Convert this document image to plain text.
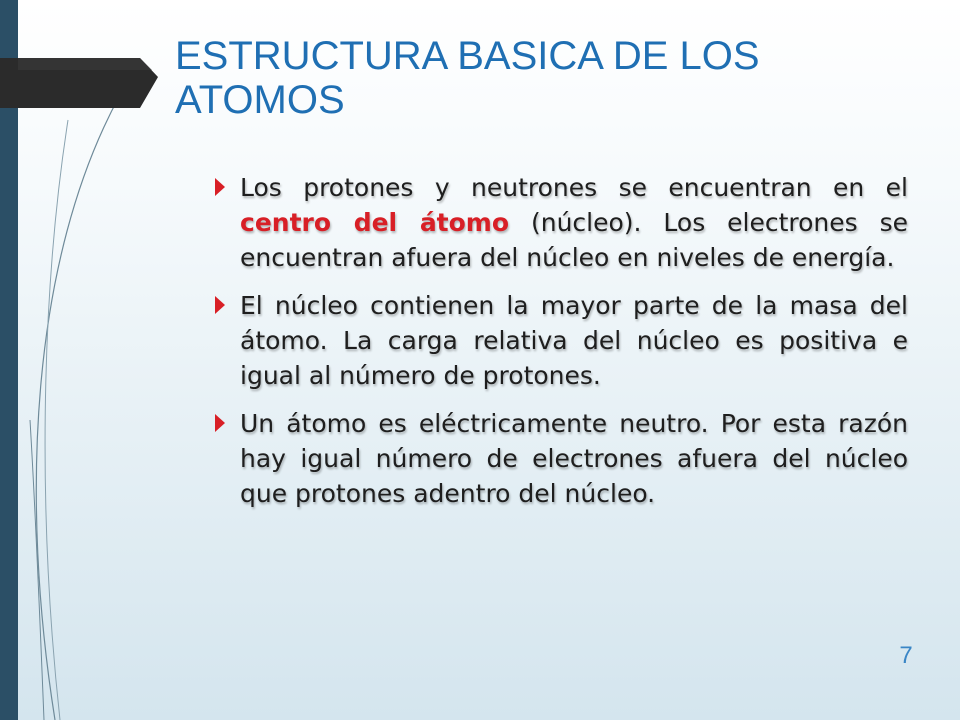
ESTRUCTURA BASICA DE LOS ATOMOS
Los protones y neutrones se encuentran en el centro del átomo (núcleo). Los electrones se encuentran afuera del núcleo en niveles de energía.
El núcleo contienen la mayor parte de la masa del átomo. La carga relativa del núcleo es positiva e igual al número de protones.
Un átomo es eléctricamente neutro. Por esta razón hay igual número de electrones afuera del núcleo que protones adentro del núcleo.
7
